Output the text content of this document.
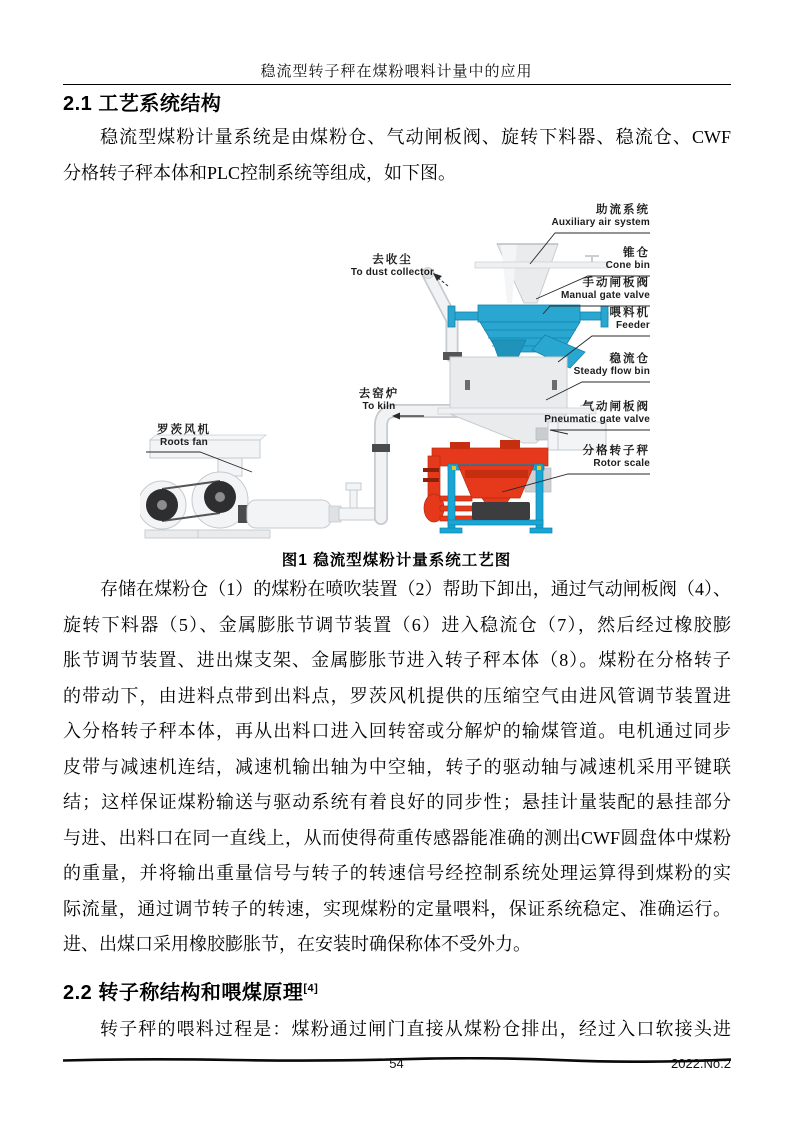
稳流型转子秤在煤粉喂料计量中的应用
2.1 工艺系统结构
稳流型煤粉计量系统是由煤粉仓、气动闸板阀、旋转下料器、稳流仓、CWF
分格转子秤本体和PLC控制系统等组成，如下图。
助流系统
Auxiliary air system
锥仓
Cone bin
手动闸板阀
Manual gate valve
喂料机
Feeder
稳流仓
Steady flow bin
气动闸板阀
Pneumatic gate valve
分格转子秤
Rotor scale
去收尘
To dust collector
去窑炉
To kiln
罗茨风机
Roots fan
图1 稳流型煤粉计量系统工艺图
存储在煤粉仓（1）的煤粉在喷吹装置（2）帮助下卸出，通过气动闸板阀（4）、
旋转下料器（5）、金属膨胀节调节装置（6）进入稳流仓（7），然后经过橡胶膨
胀节调节装置、进出煤支架、金属膨胀节进入转子秤本体（8）。煤粉在分格转子
的带动下，由进料点带到出料点，罗茨风机提供的压缩空气由进风管调节装置进
入分格转子秤本体，再从出料口进入回转窑或分解炉的输煤管道。电机通过同步
皮带与减速机连结，减速机输出轴为中空轴，转子的驱动轴与减速机采用平键联
结；这样保证煤粉输送与驱动系统有着良好的同步性；悬挂计量装配的悬挂部分
与进、出料口在同一直线上，从而使得荷重传感器能准确的测出CWF圆盘体中煤粉
的重量，并将输出重量信号与转子的转速信号经控制系统处理运算得到煤粉的实
际流量，通过调节转子的转速，实现煤粉的定量喂料，保证系统稳定、准确运行。
进、出煤口采用橡胶膨胀节，在安装时确保称体不受外力。
2.2 转子称结构和喂煤原理[4]
转子秤的喂料过程是：煤粉通过闸门直接从煤粉仓排出，经过入口软接头进
54	2022.No.2
